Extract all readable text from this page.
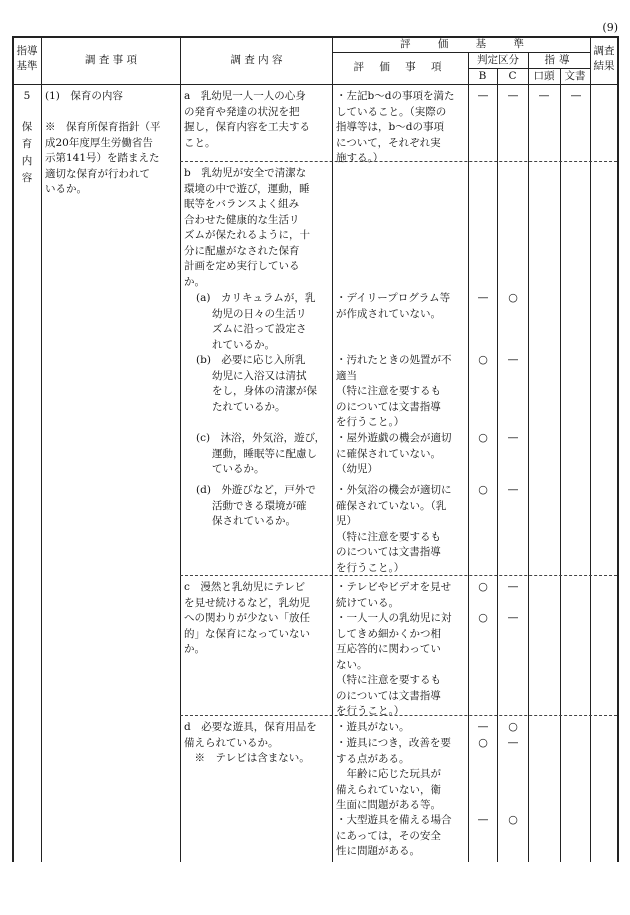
(9)
指導
基準	調 査 事 項	調 査 内 容
評 価 基 準
評 価 事 項
判定区分	指導
B	C	口頭 文書
調査
結果
5
保育内容
(1)　保育の内容
※　保育所保育指針（平
成20年度厚生労働省告
示第141号）を踏まえた
適切な保育が行われて
いるか。
a　乳幼児一人一人の心身
の発育や発達の状況を把
握し，保育内容を工夫する
こと。
・左記b～dの事項を満た
していること。（実際の
指導等は，b～dの事項
について，それぞれ実
施する。）
—	—	—	—
b　乳幼児が安全で清潔な
環境の中で遊び，運動，睡
眠等をバランスよく組み
合わせた健康的な生活リ
ズムが保たれるように，十
分に配慮がなされた保育
計画を定め実行している
か。
(a)　カリキュラムが，乳
幼児の日々の生活リ
ズムに沿って設定さ
れているか。
・デイリープログラム等
が作成されていない。
—	○
(b)　必要に応じ入所乳
幼児に入浴又は清拭
をし，身体の清潔が保
たれているか。
・汚れたときの処置が不
適当
（特に注意を要するも
のについては文書指導
を行うこと。）
○	—
(c)　沐浴，外気浴，遊び，
運動，睡眠等に配慮し
ているか。
・屋外遊戯の機会が適切
に確保されていない。
（幼児）
○	—
(d)　外遊びなど，戸外で
活動できる環境が確
保されているか。
・外気浴の機会が適切に
確保されていない。（乳
児）
（特に注意を要するも
のについては文書指導
を行うこと。）
○	—
c　漫然と乳幼児にテレビ
を見せ続けるなど，乳幼児
への関わりが少ない「放任
的」な保育になっていない
か。
・テレビやビデオを見せ
続けている。
○	—
・一人一人の乳幼児に対
してきめ細かくかつ相
互応答的に関わってい
ない。
（特に注意を要するも
のについては文書指導
を行うこと。）
○	—
d　必要な遊具，保育用品を
備えられているか。
　※　テレビは含まない。
・遊具がない。	—	○
・遊具につき，改善を要
する点がある。
　年齢に応じた玩具が
備えられていない，衛
生面に問題がある等。
○	—
・大型遊具を備える場合
にあっては，その安全
性に問題がある。
—	○
